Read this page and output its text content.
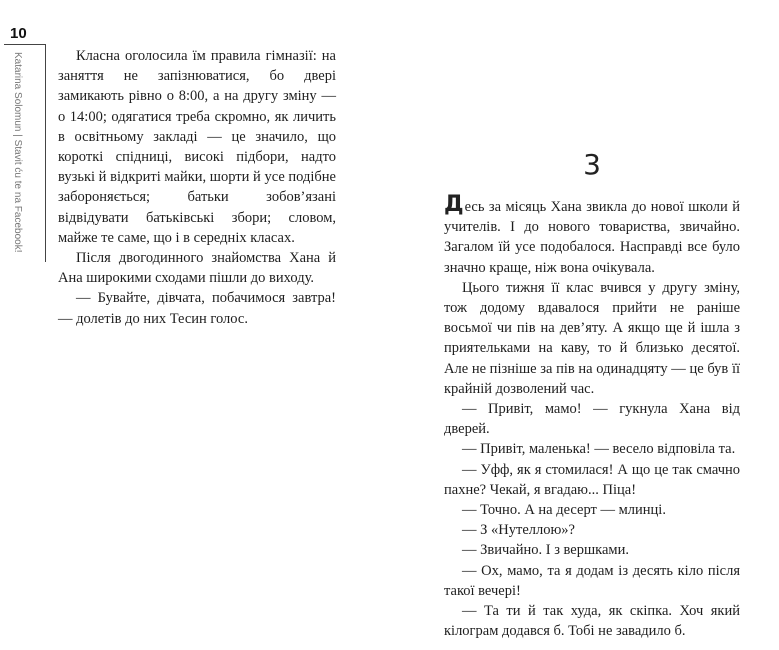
10
Katarina Solomun | Stavit ću te na Facebook!	Класна оголосила їм правила гімназії: на заняття не запізнюватися, бо двері замикають рівно о 8:00, а на другу зміну — о 14:00; одягатися треба скромно, як личить в освітньому закладі — це значило, що короткі спідниці, високі підбори, надто вузькі й відкриті майки, шорти й усе подібне забороняється; батьки зобов’язані відвідувати батьківські збори; словом, майже те саме, що і в середніх класах.

Після двогодинного знайомства Хана й Ана широкими сходами пішли до виходу.

— Бувайте, дівчата, побачимося завтра! — долетів до них Тесин голос.

3

Десь за місяць Хана звикла до нової школи й учителів. І до нового товариства, звичайно. Загалом їй усе подобалося. Насправді все було значно краще, ніж вона очікувала.

Цього тижня її клас вчився у другу зміну, тож додому вдавалося прийти не раніше восьмої чи пів на дев’яту. А якщо ще й ішла з приятельками на каву, то й близько десятої. Але не пізніше за пів на одинадцяту — це був її крайній дозволений час.

— Привіт, мамо! — гукнула Хана від дверей.

— Привіт, маленька! — весело відповіла та.

— Уфф, як я стомилася! А що це так смачно пахне? Чекай, я вгадаю... Піца!

— Точно. А на десерт — млинці.

— З «Нутеллою»?

— Звичайно. І з вершками.

— Ох, мамо, та я додам із десять кіло після такої вечері!

— Та ти й так худа, як скіпка. Хоч який кілограм додався б. Тобі не завадило б.
